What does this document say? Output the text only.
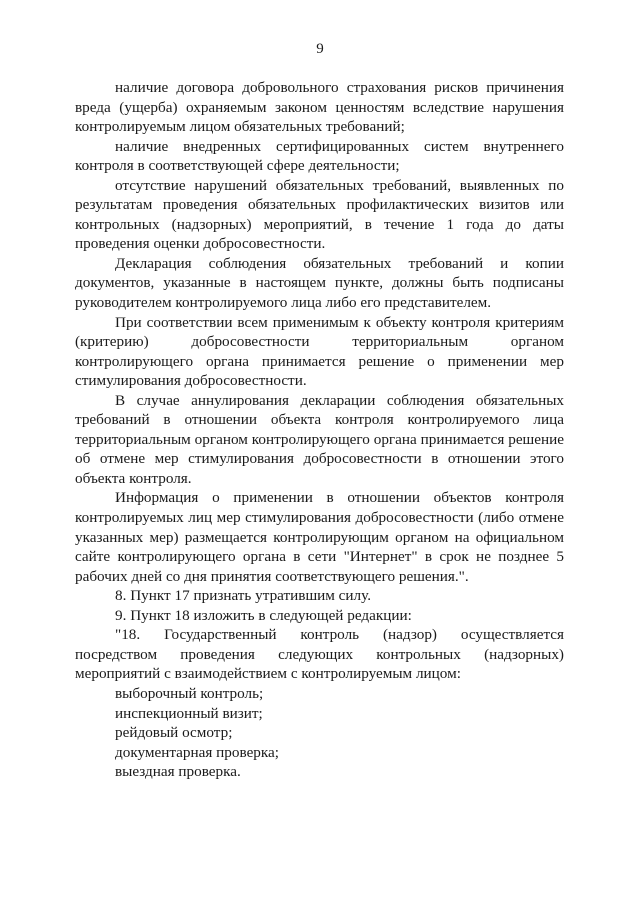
9

наличие договора добровольного страхования рисков причинения вреда (ущерба) охраняемым законом ценностям вследствие нарушения контролируемым лицом обязательных требований;

наличие внедренных сертифицированных систем внутреннего контроля в соответствующей сфере деятельности;

отсутствие нарушений обязательных требований, выявленных по результатам проведения обязательных профилактических визитов или контрольных (надзорных) мероприятий, в течение 1 года до даты проведения оценки добросовестности.

Декларация соблюдения обязательных требований и копии документов, указанные в настоящем пункте, должны быть подписаны руководителем контролируемого лица либо его представителем.

При соответствии всем применимым к объекту контроля критериям (критерию) добросовестности территориальным органом контролирующего органа принимается решение о применении мер стимулирования добросовестности.

В случае аннулирования декларации соблюдения обязательных требований в отношении объекта контроля контролируемого лица территориальным органом контролирующего органа принимается решение об отмене мер стимулирования добросовестности в отношении этого объекта контроля.

Информация о применении в отношении объектов контроля контролируемых лиц мер стимулирования добросовестности (либо отмене указанных мер) размещается контролирующим органом на официальном сайте контролирующего органа в сети "Интернет" в срок не позднее 5 рабочих дней со дня принятия соответствующего решения.".

8. Пункт 17 признать утратившим силу.

9. Пункт 18 изложить в следующей редакции:

"18. Государственный контроль (надзор) осуществляется посредством проведения следующих контрольных (надзорных) мероприятий с взаимодействием с контролируемым лицом:

выборочный контроль;

инспекционный визит;

рейдовый осмотр;

документарная проверка;

выездная проверка.
